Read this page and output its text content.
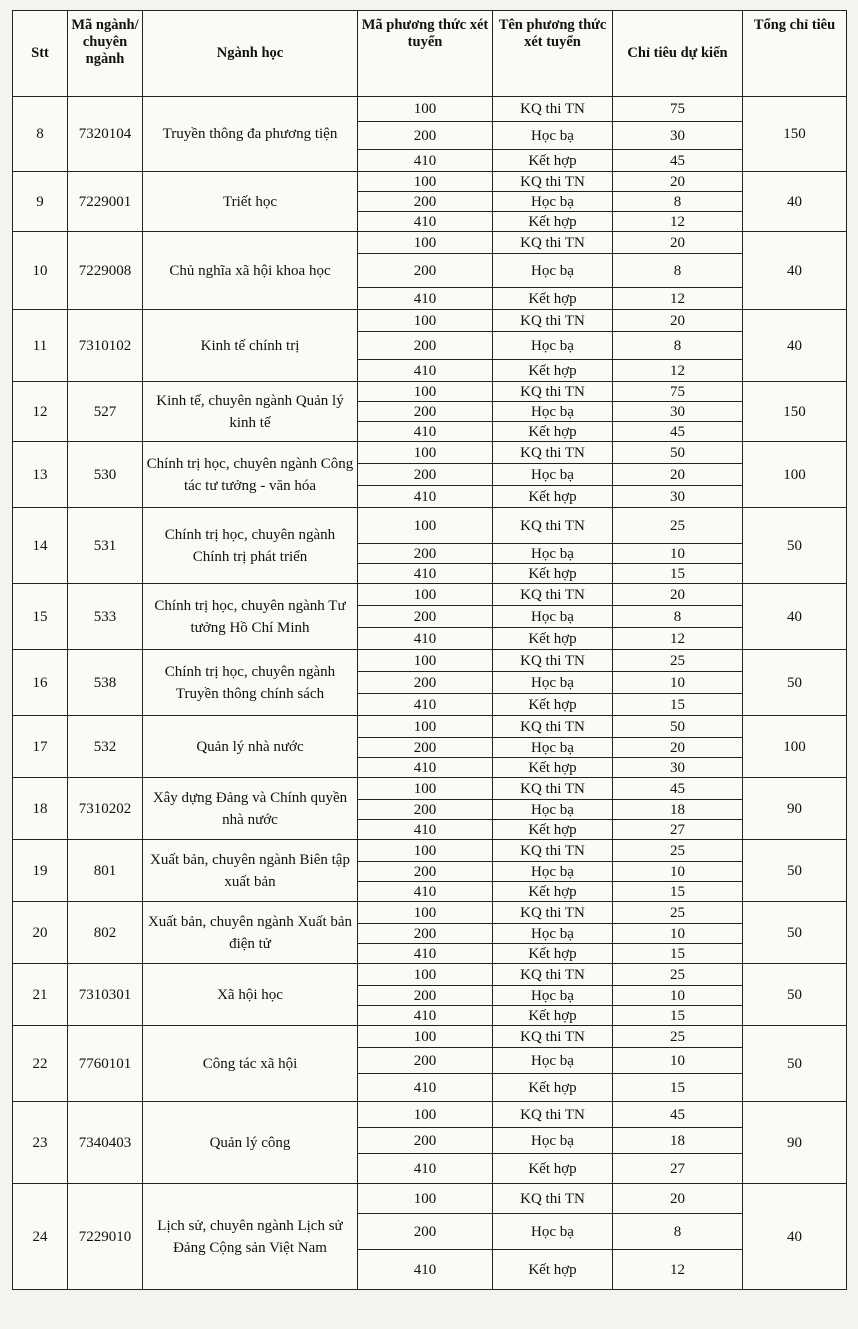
Stt	Mã ngành/ chuyên ngành	Ngành học	Mã phương thức xét tuyển	Tên phương thức xét tuyển	Chỉ tiêu dự kiến	Tổng chỉ tiêu
8	7320104	Truyền thông đa phương tiện	100	KQ thi TN	75	150
			200	Học bạ	30	
			410	Kết hợp	45	
9	7229001	Triết học	100	KQ thi TN	20	40
			200	Học bạ	8	
			410	Kết hợp	12	
10	7229008	Chủ nghĩa xã hội khoa học	100	KQ thi TN	20	40
			200	Học bạ	8	
			410	Kết hợp	12	
11	7310102	Kinh tế chính trị	100	KQ thi TN	20	40
			200	Học bạ	8	
			410	Kết hợp	12	
12	527	Kinh tế, chuyên ngành Quản lý kinh tế	100	KQ thi TN	75	150
			200	Học bạ	30	
			410	Kết hợp	45	
13	530	Chính trị học, chuyên ngành Công tác tư tưởng - văn hóa	100	KQ thi TN	50	100
			200	Học bạ	20	
			410	Kết hợp	30	
14	531	Chính trị học, chuyên ngành Chính trị phát triển	100	KQ thi TN	25	50
			200	Học bạ	10	
			410	Kết hợp	15	
15	533	Chính trị học, chuyên ngành Tư tưởng Hồ Chí Minh	100	KQ thi TN	20	40
			200	Học bạ	8	
			410	Kết hợp	12	
16	538	Chính trị học, chuyên ngành Truyền thông chính sách	100	KQ thi TN	25	50
			200	Học bạ	10	
			410	Kết hợp	15	
17	532	Quản lý nhà nước	100	KQ thi TN	50	100
			200	Học bạ	20	
			410	Kết hợp	30	
18	7310202	Xây dựng Đảng và Chính quyền nhà nước	100	KQ thi TN	45	90
			200	Học bạ	18	
			410	Kết hợp	27	
19	801	Xuất bản, chuyên ngành Biên tập xuất bản	100	KQ thi TN	25	50
			200	Học bạ	10	
			410	Kết hợp	15	
20	802	Xuất bản, chuyên ngành Xuất bản điện tử	100	KQ thi TN	25	50
			200	Học bạ	10	
			410	Kết hợp	15	
21	7310301	Xã hội học	100	KQ thi TN	25	50
			200	Học bạ	10	
			410	Kết hợp	15	
22	7760101	Công tác xã hội	100	KQ thi TN	25	50
			200	Học bạ	10	
			410	Kết hợp	15	
23	7340403	Quản lý công	100	KQ thi TN	45	90
			200	Học bạ	18	
			410	Kết hợp	27	
24	7229010	Lịch sử, chuyên ngành Lịch sử Đảng Cộng sản Việt Nam	100	KQ thi TN	20	40
			200	Học bạ	8	
			410	Kết hợp	12	
